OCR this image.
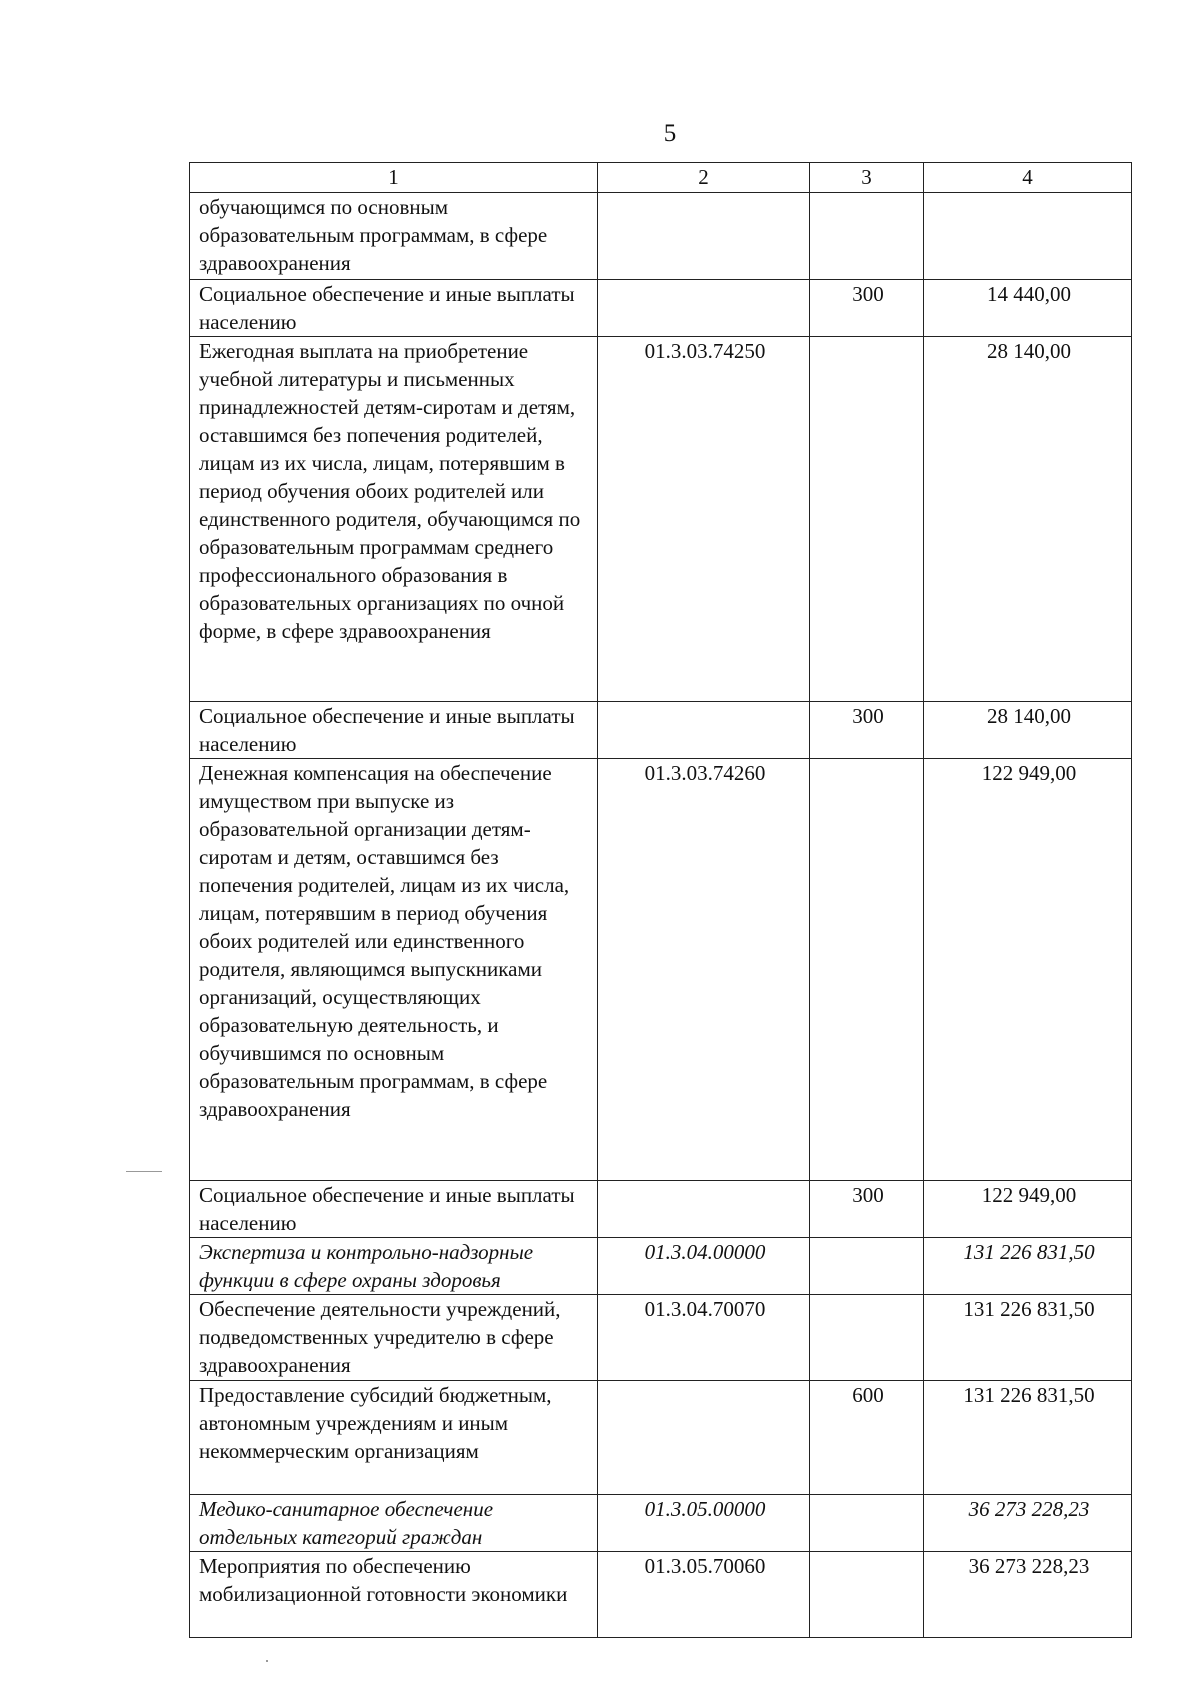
5
1	2	3	4
обучающимся по основным образовательным программам, в сфере здравоохранения			
Социальное обеспечение и иные выплаты населению		300	14 440,00
Ежегодная выплата на приобретение учебной литературы и письменных принадлежностей детям-сиротам и детям, оставшимся без попечения родителей, лицам из их числа, лицам, потерявшим в период обучения обоих родителей или единственного родителя, обучающимся по образовательным программам среднего профессионального образования в образовательных организациях по очной форме, в сфере здравоохранения	01.3.03.74250		28 140,00
Социальное обеспечение и иные выплаты населению		300	28 140,00
Денежная компенсация на обеспечение имуществом при выпуске из образовательной организации детям-сиротам и детям, оставшимся без попечения родителей, лицам из их числа, лицам, потерявшим в период обучения обоих родителей или единственного родителя, являющимся выпускниками организаций, осуществляющих образовательную деятельность, и обучившимся по основным образовательным программам, в сфере здравоохранения	01.3.03.74260		122 949,00
Социальное обеспечение и иные выплаты населению		300	122 949,00
Экспертиза и контрольно-надзорные функции в сфере охраны здоровья	01.3.04.00000		131 226 831,50
Обеспечение деятельности учреждений, подведомственных учредителю в сфере здравоохранения	01.3.04.70070		131 226 831,50
Предоставление субсидий бюджетным, автономным учреждениям и иным некоммерческим организациям		600	131 226 831,50
Медико-санитарное обеспечение отдельных категорий граждан	01.3.05.00000		36 273 228,23
Мероприятия по обеспечению мобилизационной готовности экономики	01.3.05.70060		36 273 228,23
